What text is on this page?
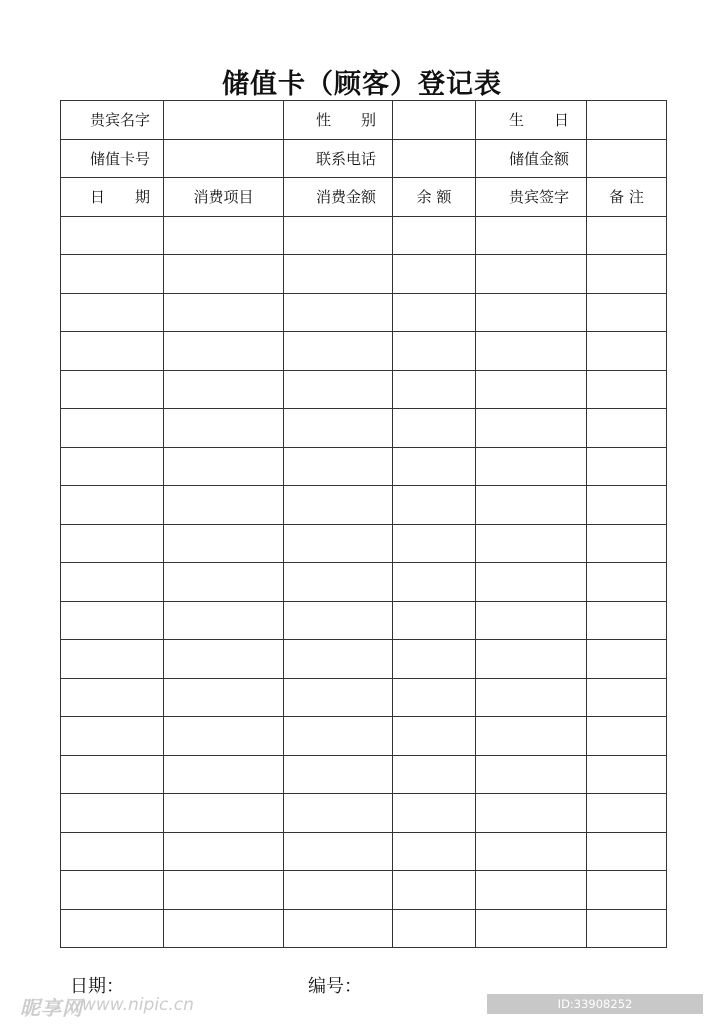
储值卡（顾客）登记表
贵宾名字		性　　别		生　　日	
储值卡号		联系电话		储值金额	
日　　期	消费项目	消费金额	余 额	贵宾签字	备 注

日期：	编号：
昵享网 www.nipic.cn	ID:33908252 NO:20220716163258655103
